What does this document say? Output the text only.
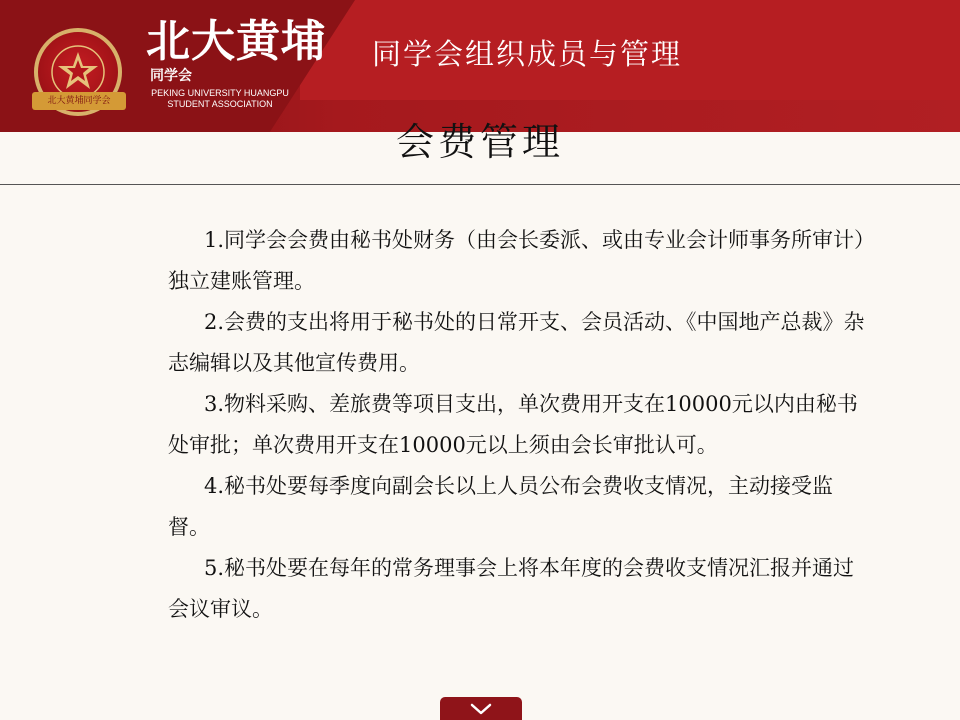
北大黄埔同学会
北大黄埔
同学会
PEKING UNIVERSITY HUANGPU STUDENT ASSOCIATION
同学会组织成员与管理
会费管理

1.同学会会费由秘书处财务（由会长委派、或由专业会计师事务所审计）独立建账管理。

2.会费的支出将用于秘书处的日常开支、会员活动、《中国地产总裁》杂志编辑以及其他宣传费用。

3.物料采购、差旅费等项目支出，单次费用开支在10000元以内由秘书处审批；单次费用开支在10000元以上须由会长审批认可。

4.秘书处要每季度向副会长以上人员公布会费收支情况，主动接受监督。

5.秘书处要在每年的常务理事会上将本年度的会费收支情况汇报并通过会议审议。
